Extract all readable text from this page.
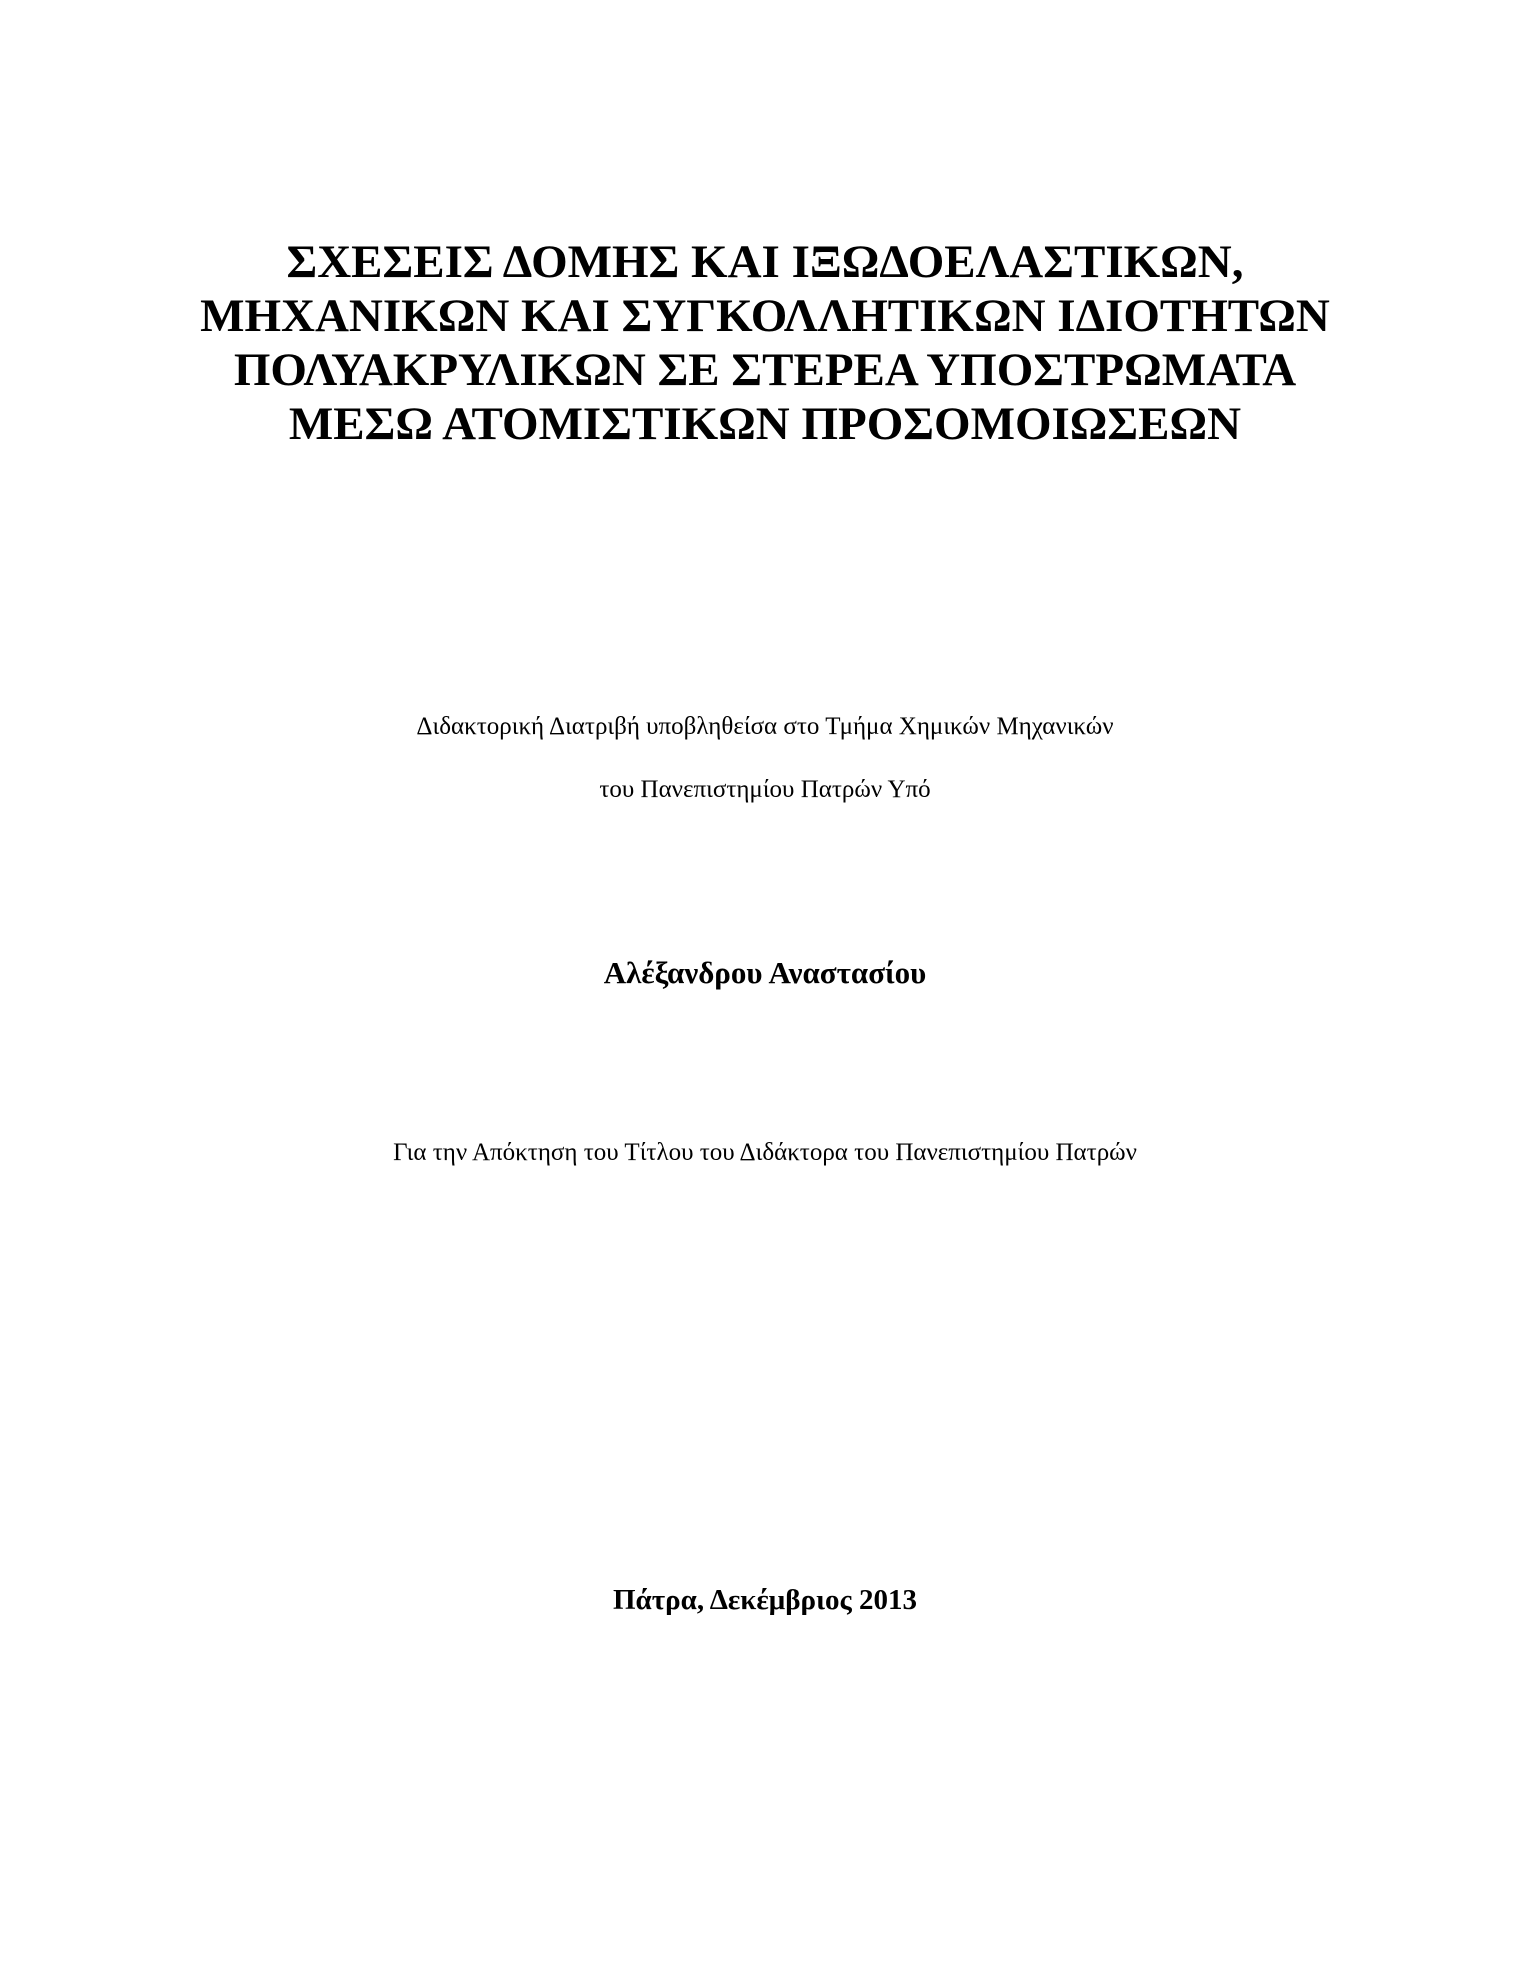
ΣΧΕΣΕΙΣ ΔΟΜΗΣ ΚΑΙ ΙΞΩΔΟΕΛΑΣΤΙΚΩΝ,
ΜΗΧΑΝΙΚΩΝ ΚΑΙ ΣΥΓΚΟΛΛΗΤΙΚΩΝ ΙΔΙΟΤΗΤΩΝ
ΠΟΛΥΑΚΡΥΛΙΚΩΝ ΣΕ ΣΤΕΡΕΑ ΥΠΟΣΤΡΩΜΑΤΑ
ΜΕΣΩ ΑΤΟΜΙΣΤΙΚΩΝ ΠΡΟΣΟΜΟΙΩΣΕΩΝ
Διδακτορική Διατριβή υποβληθείσα στο Τμήμα Χημικών Μηχανικών
του Πανεπιστημίου Πατρών Υπό
Αλέξανδρου Αναστασίου
Για την Απόκτηση του Τίτλου του Διδάκτορα του Πανεπιστημίου Πατρών
Πάτρα, Δεκέμβριος 2013
